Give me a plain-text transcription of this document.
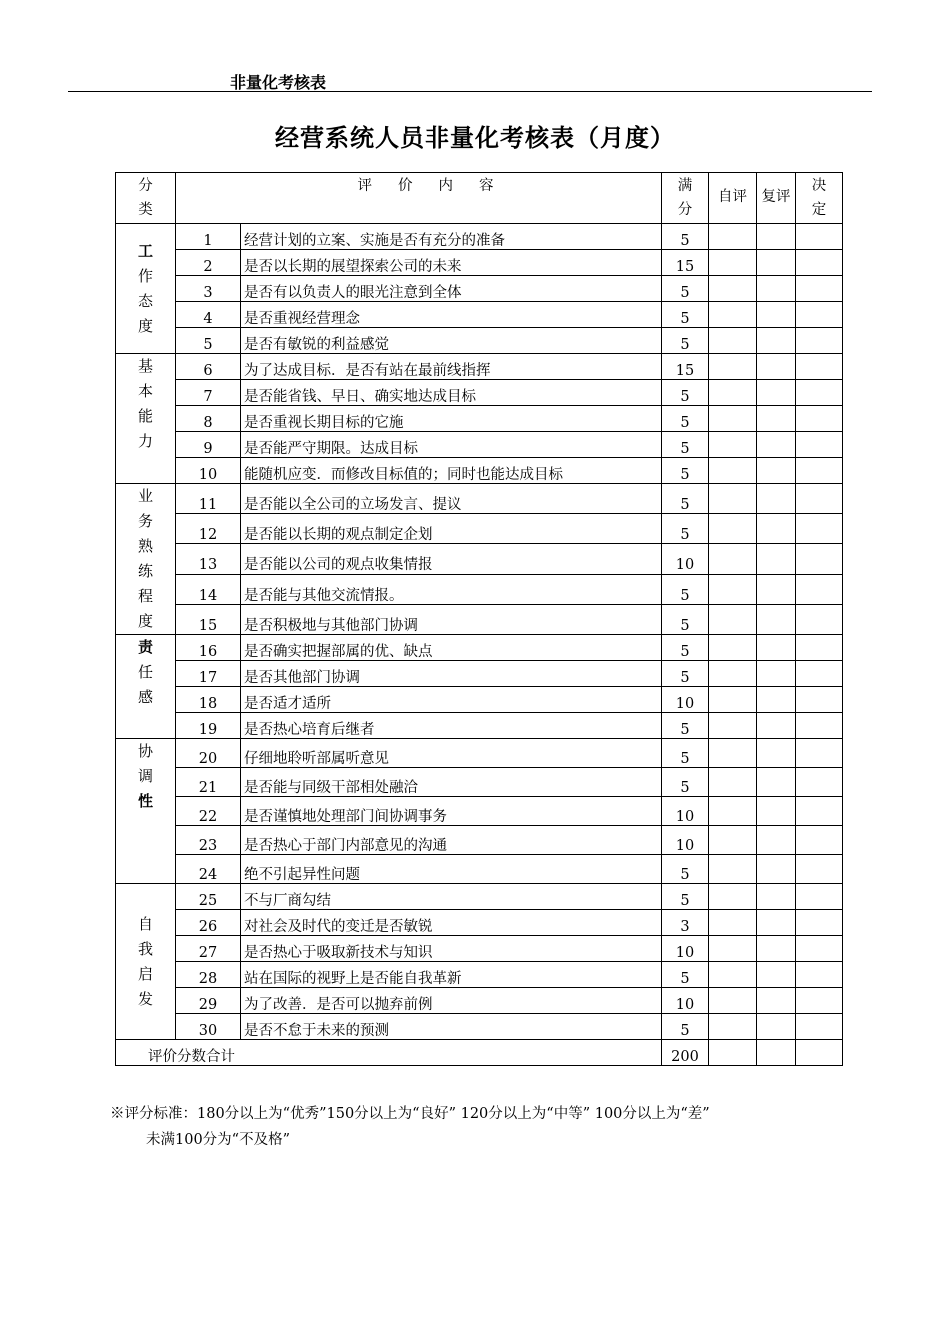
非量化考核表
经营系统人员非量化考核表（月度）
分类	评价内容		满分	自评	复评	决定
工作态度	1	经营计划的立案、实施是否有充分的准备	5			
	2	是否以长期的展望探索公司的未来	15			
	3	是否有以负责人的眼光注意到全体	5			
	4	是否重视经营理念	5			
	5	是否有敏锐的利益感觉	5			
基本能力	6	为了达成目标．是否有站在最前线指挥	15			
	7	是否能省钱、早日、确实地达成目标	5			
	8	是否重视长期目标的它施	5			
	9	是否能严守期限。达成目标	5			
	10	能随机应变．而修改目标值的；同时也能达成目标	5			
业务熟练程度	11	是否能以全公司的立场发言、提议	5			
	12	是否能以长期的观点制定企划	5			
	13	是否能以公司的观点收集情报	10			
	14	是否能与其他交流情报。	5			
	15	是否积极地与其他部门协调	5			
责任感	16	是否确实把握部属的优、缺点	5			
	17	是否其他部门协调	5			
	18	是否适才适所	10			
	19	是否热心培育后继者	5			
协调性	20	仔细地聆听部属听意见	5			
	21	是否能与同级干部相处融洽	5			
	22	是否谨慎地处理部门间协调事务	10			
	23	是否热心于部门内部意见的沟通	10			
	24	绝不引起异性问题	5			
自我启发	25	不与厂商勾结	5			
	26	对社会及时代的变迁是否敏锐	3			
	27	是否热心于吸取新技术与知识	10			
	28	站在国际的视野上是否能自我革新	5			
	29	为了改善．是否可以抛弃前例	10			
	30	是否不怠于未来的预测	5			
评价分数合计			200			
※评分标准：180分以上为“优秀”150分以上为“良好” 120分以上为“中等” 100分以上为“差”
未满100分为“不及格”
